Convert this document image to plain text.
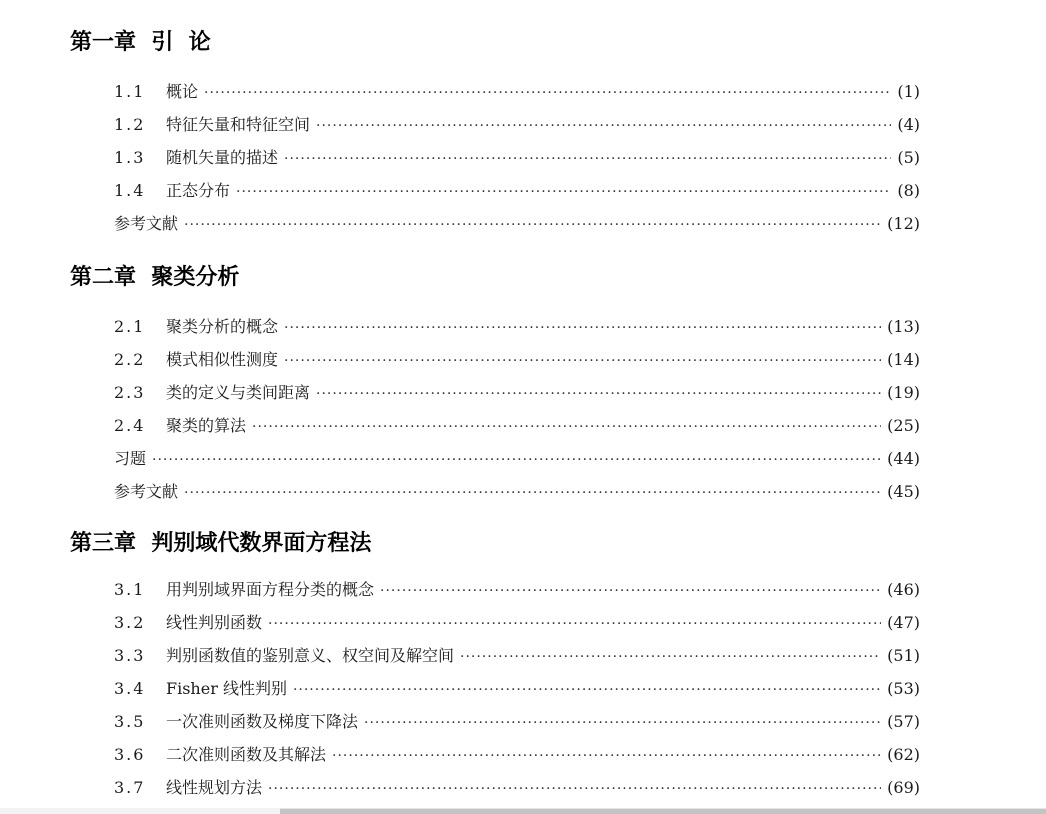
第一章  引  论
1.1	概论 ·····	(1)
1.2	特征矢量和特征空间 ·····	(4)
1.3	随机矢量的描述 ·····	(5)
1.4	正态分布 ·····	(8)
参考文献 ·····	(12)
第二章  聚类分析
2.1	聚类分析的概念 ·····	(13)
2.2	模式相似性测度 ·····	(14)
2.3	类的定义与类间距离 ·····	(19)
2.4	聚类的算法 ·····	(25)
习题 ·····	(44)
参考文献 ·····	(45)
第三章  判别域代数界面方程法
3.1	用判别域界面方程分类的概念 ·····	(46)
3.2	线性判别函数 ·····	(47)
3.3	判别函数值的鉴别意义、权空间及解空间 ·····	(51)
3.4	Fisher 线性判别 ·····	(53)
3.5	一次准则函数及梯度下降法 ·····	(57)
3.6	二次准则函数及其解法 ·····	(62)
3.7	线性规划方法 ·····	(69)
